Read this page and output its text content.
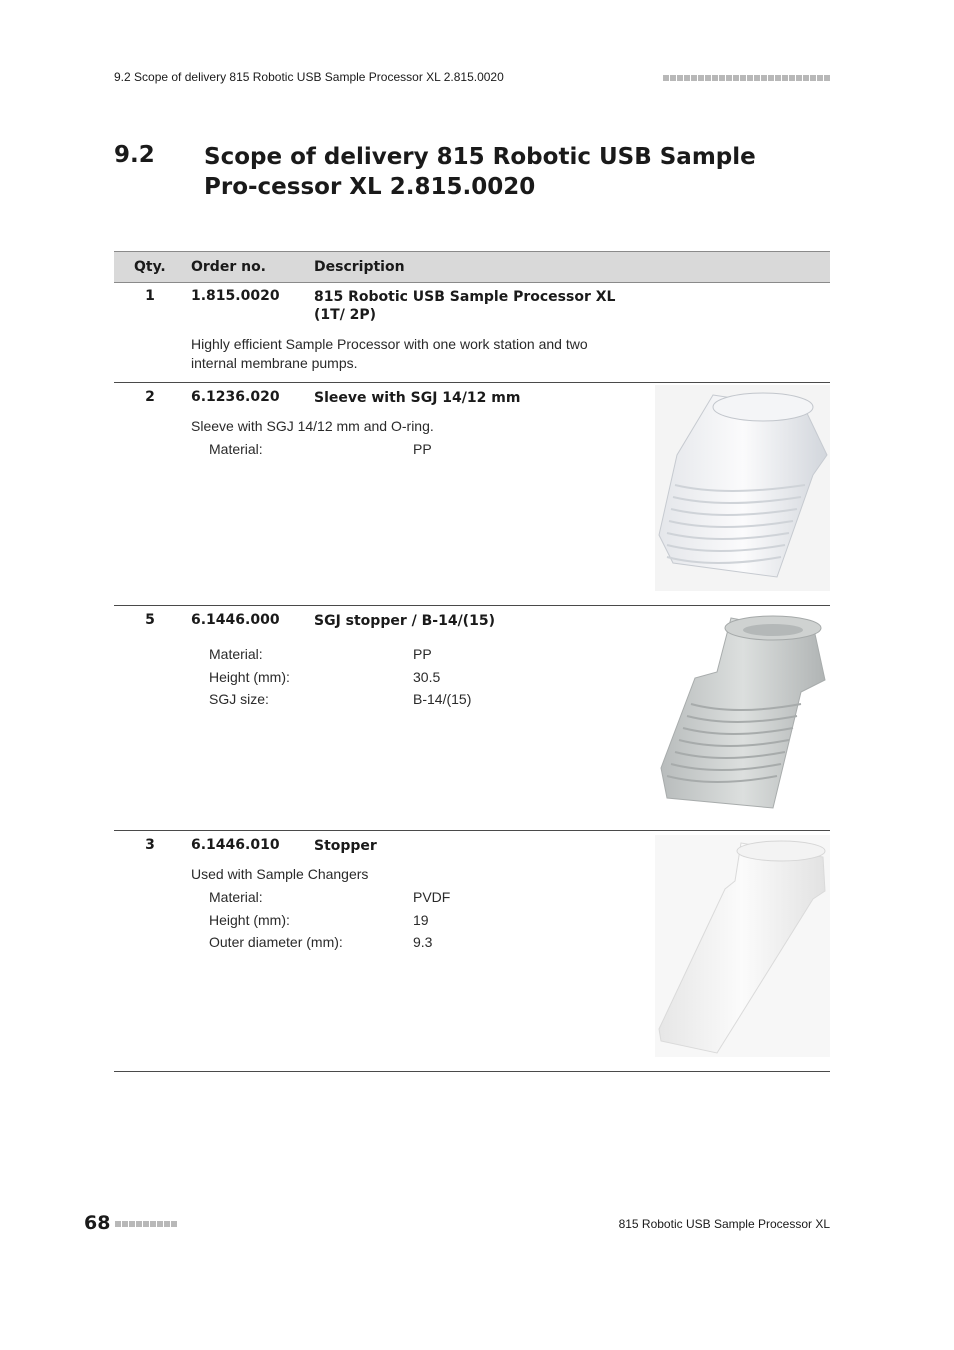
9.2 Scope of delivery 815 Robotic USB Sample Processor XL 2.815.0020
9.2 Scope of delivery 815 Robotic USB Sample Pro-cessor XL 2.815.0020
Qty. Order no.	Description
1	1.815.0020 815 Robotic USB Sample Processor XL (1T/ 2P)
Highly efficient Sample Processor with one work station and two internal membrane pumps.
2	6.1236.020 Sleeve with SGJ 14/12 mm
Sleeve with SGJ 14/12 mm and O-ring.
Material:	PP
5	6.1446.000 SGJ stopper / B-14/(15)
Material:	PP
Height (mm):	30.5
SGJ size:	B-14/(15)
3	6.1446.010 Stopper
Used with Sample Changers
Material:	PVDF
Height (mm):	19
Outer diameter (mm):	9.3
68	815 Robotic USB Sample Processor XL
